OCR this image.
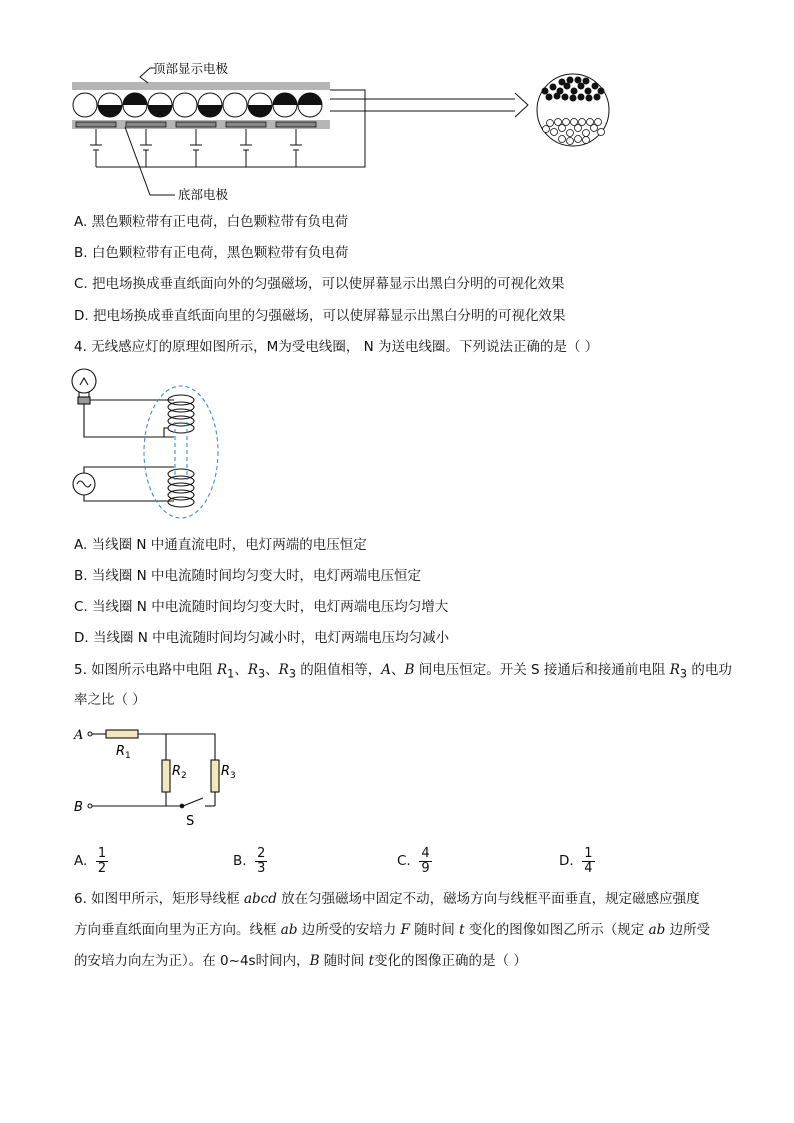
顶部显示电极
底部电极
A. 黑色颗粒带有正电荷，白色颗粒带有负电荷
B. 白色颗粒带有正电荷，黑色颗粒带有负电荷
C. 把电场换成垂直纸面向外的匀强磁场，可以使屏幕显示出黑白分明的可视化效果
D. 把电场换成垂直纸面向里的匀强磁场，可以使屏幕显示出黑白分明的可视化效果
4. 无线感应灯的原理如图所示，M为受电线圈， N 为送电线圈。下列说法正确的是（ ）
A. 当线圈 N 中通直流电时，电灯两端的电压恒定
B. 当线圈 N 中电流随时间均匀变大时，电灯两端电压恒定
C. 当线圈 N 中电流随时间均匀变大时，电灯两端电压均匀增大
D. 当线圈 N 中电流随时间均匀减小时，电灯两端电压均匀减小
5. 如图所示电路中电阻 $R_1$、$R_3$、$R_3$ 的阻值相等，A、B 间电压恒定。开关 S 接通后和接通前电阻 $R_3$ 的电功
率之比（ ）
A
B
$R_1$
$R_2$	$R_3$
S
A. $\frac{1}{2}$	B. $\frac{2}{3}$	C. $\frac{4}{9}$	D. $\frac{1}{4}$
6. 如图甲所示，矩形导线框 abcd 放在匀强磁场中固定不动，磁场方向与线框平面垂直，规定磁感应强度
方向垂直纸面向里为正方向。线框 ab 边所受的安培力 F 随时间 t 变化的图像如图乙所示（规定 ab 边所受
的安培力向左为正）。在 0~4s时间内，B 随时间 t变化的图像正确的是（ ）
